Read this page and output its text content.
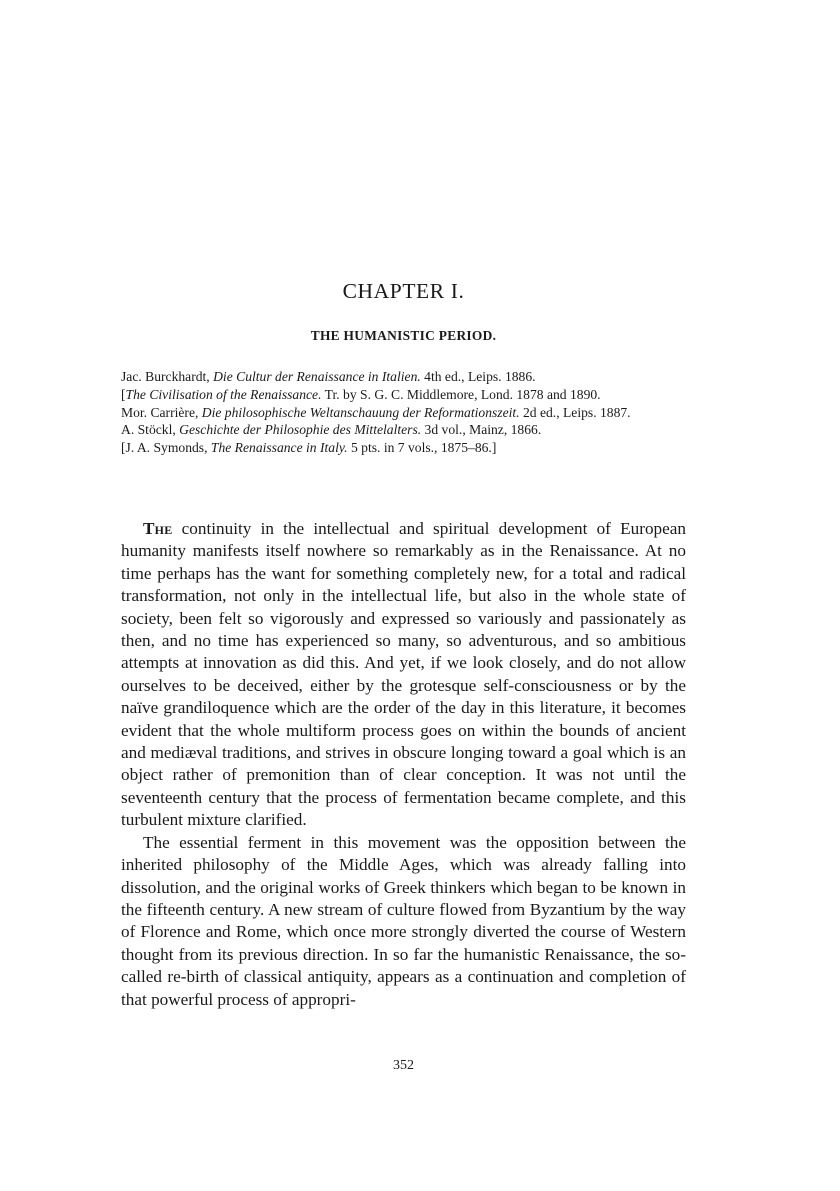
CHAPTER I.
THE HUMANISTIC PERIOD.
Jac. Burckhardt, Die Cultur der Renaissance in Italien. 4th ed., Leips. 1886.
[The Civilisation of the Renaissance. Tr. by S. G. C. Middlemore, Lond. 1878 and 1890.
Mor. Carrière, Die philosophische Weltanschauung der Reformationszeit. 2d ed., Leips. 1887.
A. Stöckl, Geschichte der Philosophie des Mittelalters. 3d vol., Mainz, 1866.
[J. A. Symonds, The Renaissance in Italy. 5 pts. in 7 vols., 1875–86.]

The continuity in the intellectual and spiritual development of European humanity manifests itself nowhere so remarkably as in the Renaissance. At no time perhaps has the want for something completely new, for a total and radical transformation, not only in the intellectual life, but also in the whole state of society, been felt so vigorously and expressed so variously and passionately as then, and no time has experienced so many, so adventurous, and so ambitious attempts at innovation as did this. And yet, if we look closely, and do not allow ourselves to be deceived, either by the grotesque self-consciousness or by the naïve grandiloquence which are the order of the day in this literature, it becomes evident that the whole multiform process goes on within the bounds of ancient and mediæval traditions, and strives in obscure longing toward a goal which is an object rather of premonition than of clear conception. It was not until the seventeenth century that the process of fermentation became complete, and this turbulent mixture clarified.

The essential ferment in this movement was the opposition between the inherited philosophy of the Middle Ages, which was already falling into dissolution, and the original works of Greek thinkers which began to be known in the fifteenth century. A new stream of culture flowed from Byzantium by the way of Florence and Rome, which once more strongly diverted the course of Western thought from its previous direction. In so far the humanistic Renaissance, the so-called re-birth of classical antiquity, appears as a continuation and completion of that powerful process of appropri-

352
